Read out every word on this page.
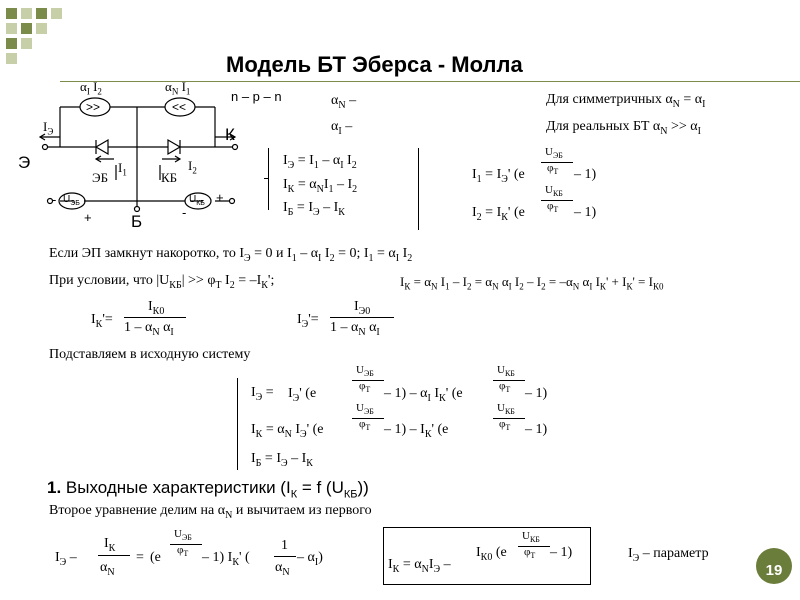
Модель БТ Эберса - Молла
$\alpha_I$ $I_2$	$\alpha_N$ $I_1$
>>	<<
$I_Э$	К
Э
ЭБ	КБ
$I_1$	$I_2$
$U_{ЭБ}$	$U_{КБ}$
-
+	-
+
Б
n – p – n	$\alpha_N$ –
$\alpha_I$ –
Для симметричных $\alpha_N = \alpha_I$
Для реальных БТ $\alpha_N >> \alpha_I$
$I_Э = I_1 - \alpha_I$ $I_2$
$I_К = \alpha_NI_1 - I_2$
$I_Б = I_Э - I_К$
$I_1 = I_Э'$ (e
$U_{ЭБ}$
$\varphi_T - 1$)
$I_2 = I_К'$ (e
$U_{КБ}$
$\varphi_T - 1$)
Если ЭП замкнут накоротко, то $I_Э = 0$ и $I_1 - \alpha_I$ $I_2 = 0$; $I_1 = \alpha_I$ $I_2$
При условии, что $|U_{КБ}| >> \varphi_T$ $I_2 = -I_К'$;	$I_К = \alpha_N$ $I_1 - I_2 = \alpha_N$ $\alpha_I$ $I_2 - I_2 = -\alpha_N$ $\alpha_I$ $I_К' + I_К' = I_{К0}$
$I_К'=$
$I_{К0}$
$1 - \alpha_N$ $\alpha_I$
$I_Э'=$
$I_{Э0}$
$1 - \alpha_N$ $\alpha_I$
Подставляем в исходную систему
$I_Э = I_Э'$ (e
$U_{ЭБ}$
$\varphi_T - 1) - \alpha_I$ $I_К'$ (e
$U_{КБ}$
$\varphi_T - 1$)
$I_К = \alpha_N$ $I_Э'$ (e
$U_{ЭБ}$
$\varphi_T - 1) - I_К'$ (e
$U_{КБ}$
$\varphi_T - 1$)
$I_Б = I_Э - I_К$
1. Выходные характеристики ($I_К = f$ $(U_{КБ})$)
Второе уравнение делим на $\alpha_N$ и вычитаем из первого
$I_Э$ –
$I_К$
$\alpha_N$
= (e
$U_{ЭБ}$
$\varphi_T - 1$) $I_К'$ (
1
$\alpha_N$
– $\alpha_I$)	$I_К = \alpha_NI_Э$ –
$I_{К0}$ (e
$U_{КБ}$
$\varphi_T - 1$)	$I_Э$ – параметр
19
